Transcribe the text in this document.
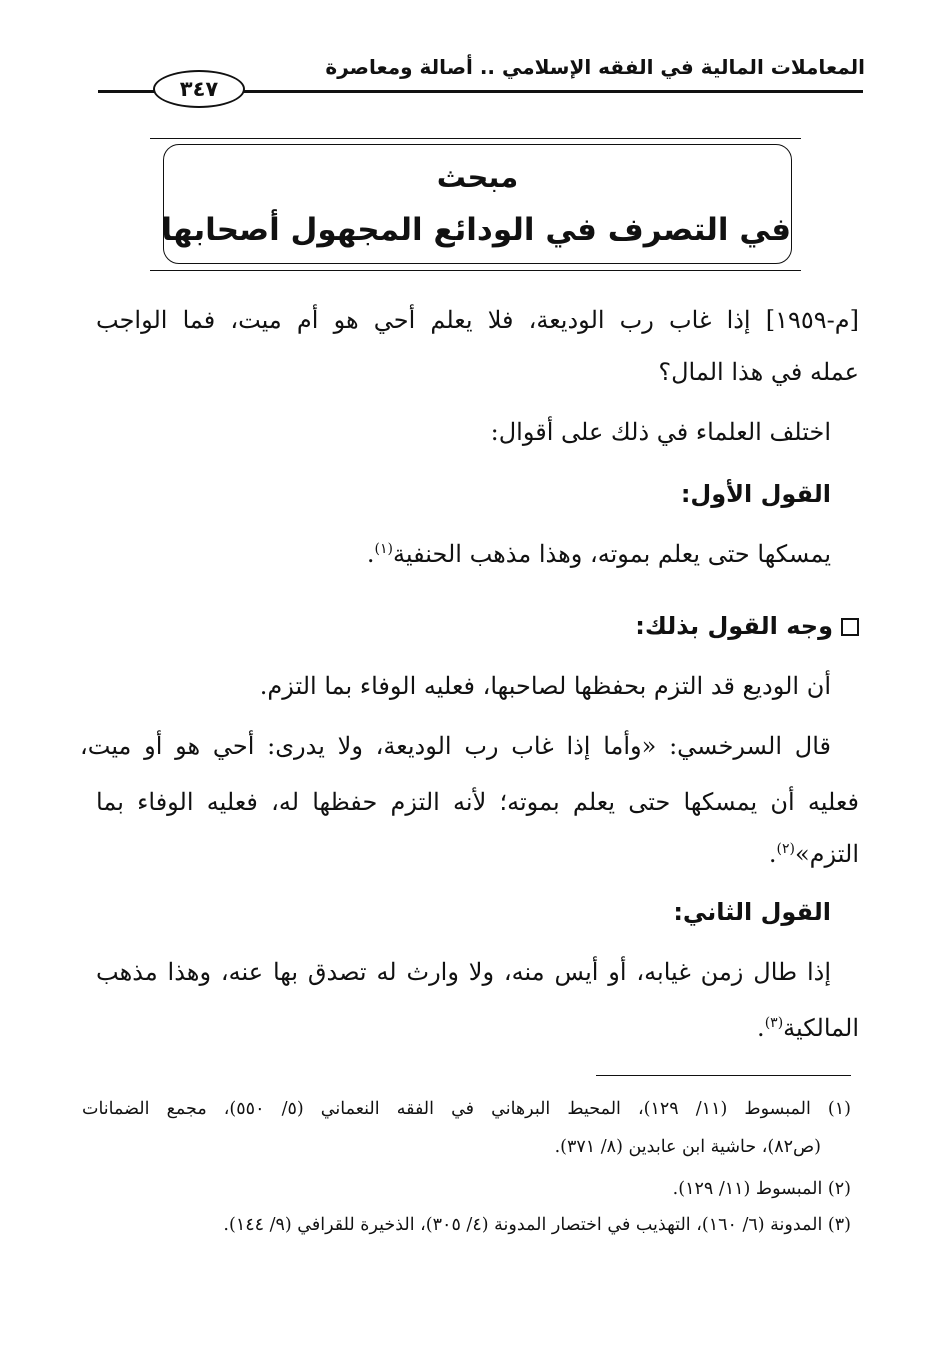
المعاملات المالية في الفقه الإسلامي .. أصالة ومعاصرة
٣٤٧
مبحث
في التصرف في الودائع المجهول أصحابها
[م-١٩٥٩] إذا غاب رب الوديعة، فلا يعلم أحي هو أم ميت، فما الواجب
عمله في هذا المال؟
اختلف العلماء في ذلك على أقوال:
القول الأول:
يمسكها حتى يعلم بموته، وهذا مذهب الحنفية$^{(١)}$.
وجه القول بذلك:
أن الوديع قد التزم بحفظها لصاحبها، فعليه الوفاء بما التزم.
قال السرخسي: «وأما إذا غاب رب الوديعة، ولا يدرى: أحي هو أو ميت،
فعليه أن يمسكها حتى يعلم بموته؛ لأنه التزم حفظها له، فعليه الوفاء بما
التزم»$^{(٢)}$.
القول الثاني:
إذا طال زمن غيابه، أو أيس منه، ولا وارث له تصدق بها عنه، وهذا مذهب
المالكية$^{(٣)}$.
(١) المبسوط (١١/ ١٢٩)، المحيط البرهاني في الفقه النعماني (٥/ ٥٥٠)، مجمع الضمانات
(ص٨٢)، حاشية ابن عابدين (٨/ ٣٧١).
(٢) المبسوط (١١/ ١٢٩).
(٣) المدونة (٦/ ١٦٠)، التهذيب في اختصار المدونة (٤/ ٣٠٥)، الذخيرة للقرافي (٩/ ١٤٤).
